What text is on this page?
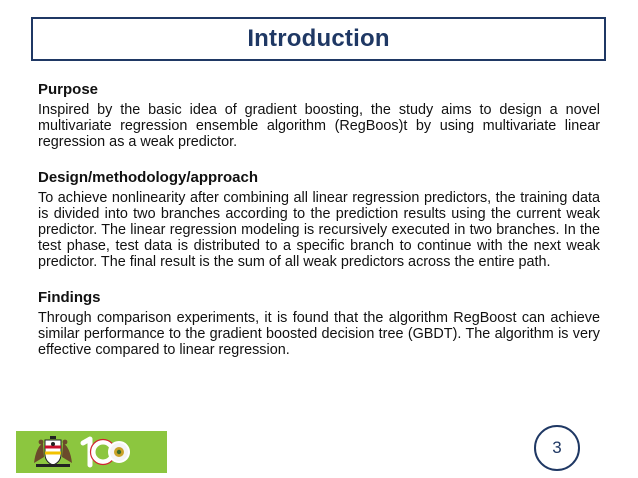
Introduction
Purpose

Inspired by the basic idea of gradient boosting, the study aims to design a novel multivariate regression ensemble algorithm (RegBoos)t by using multivariate linear regression as a weak predictor.

Design/methodology/approach

To achieve nonlinearity after combining all linear regression predictors, the training data is divided into two branches according to the prediction results using the current weak predictor. The linear regression modeling is recursively executed in two branches. In the test phase, test data is distributed to a specific branch to continue with the next weak predictor. The final result is the sum of all weak predictors across the entire path.

Findings

Through comparison experiments, it is found that the algorithm RegBoost can achieve similar performance to the gradient boosted decision tree (GBDT). The algorithm is very effective compared to linear regression.

3
